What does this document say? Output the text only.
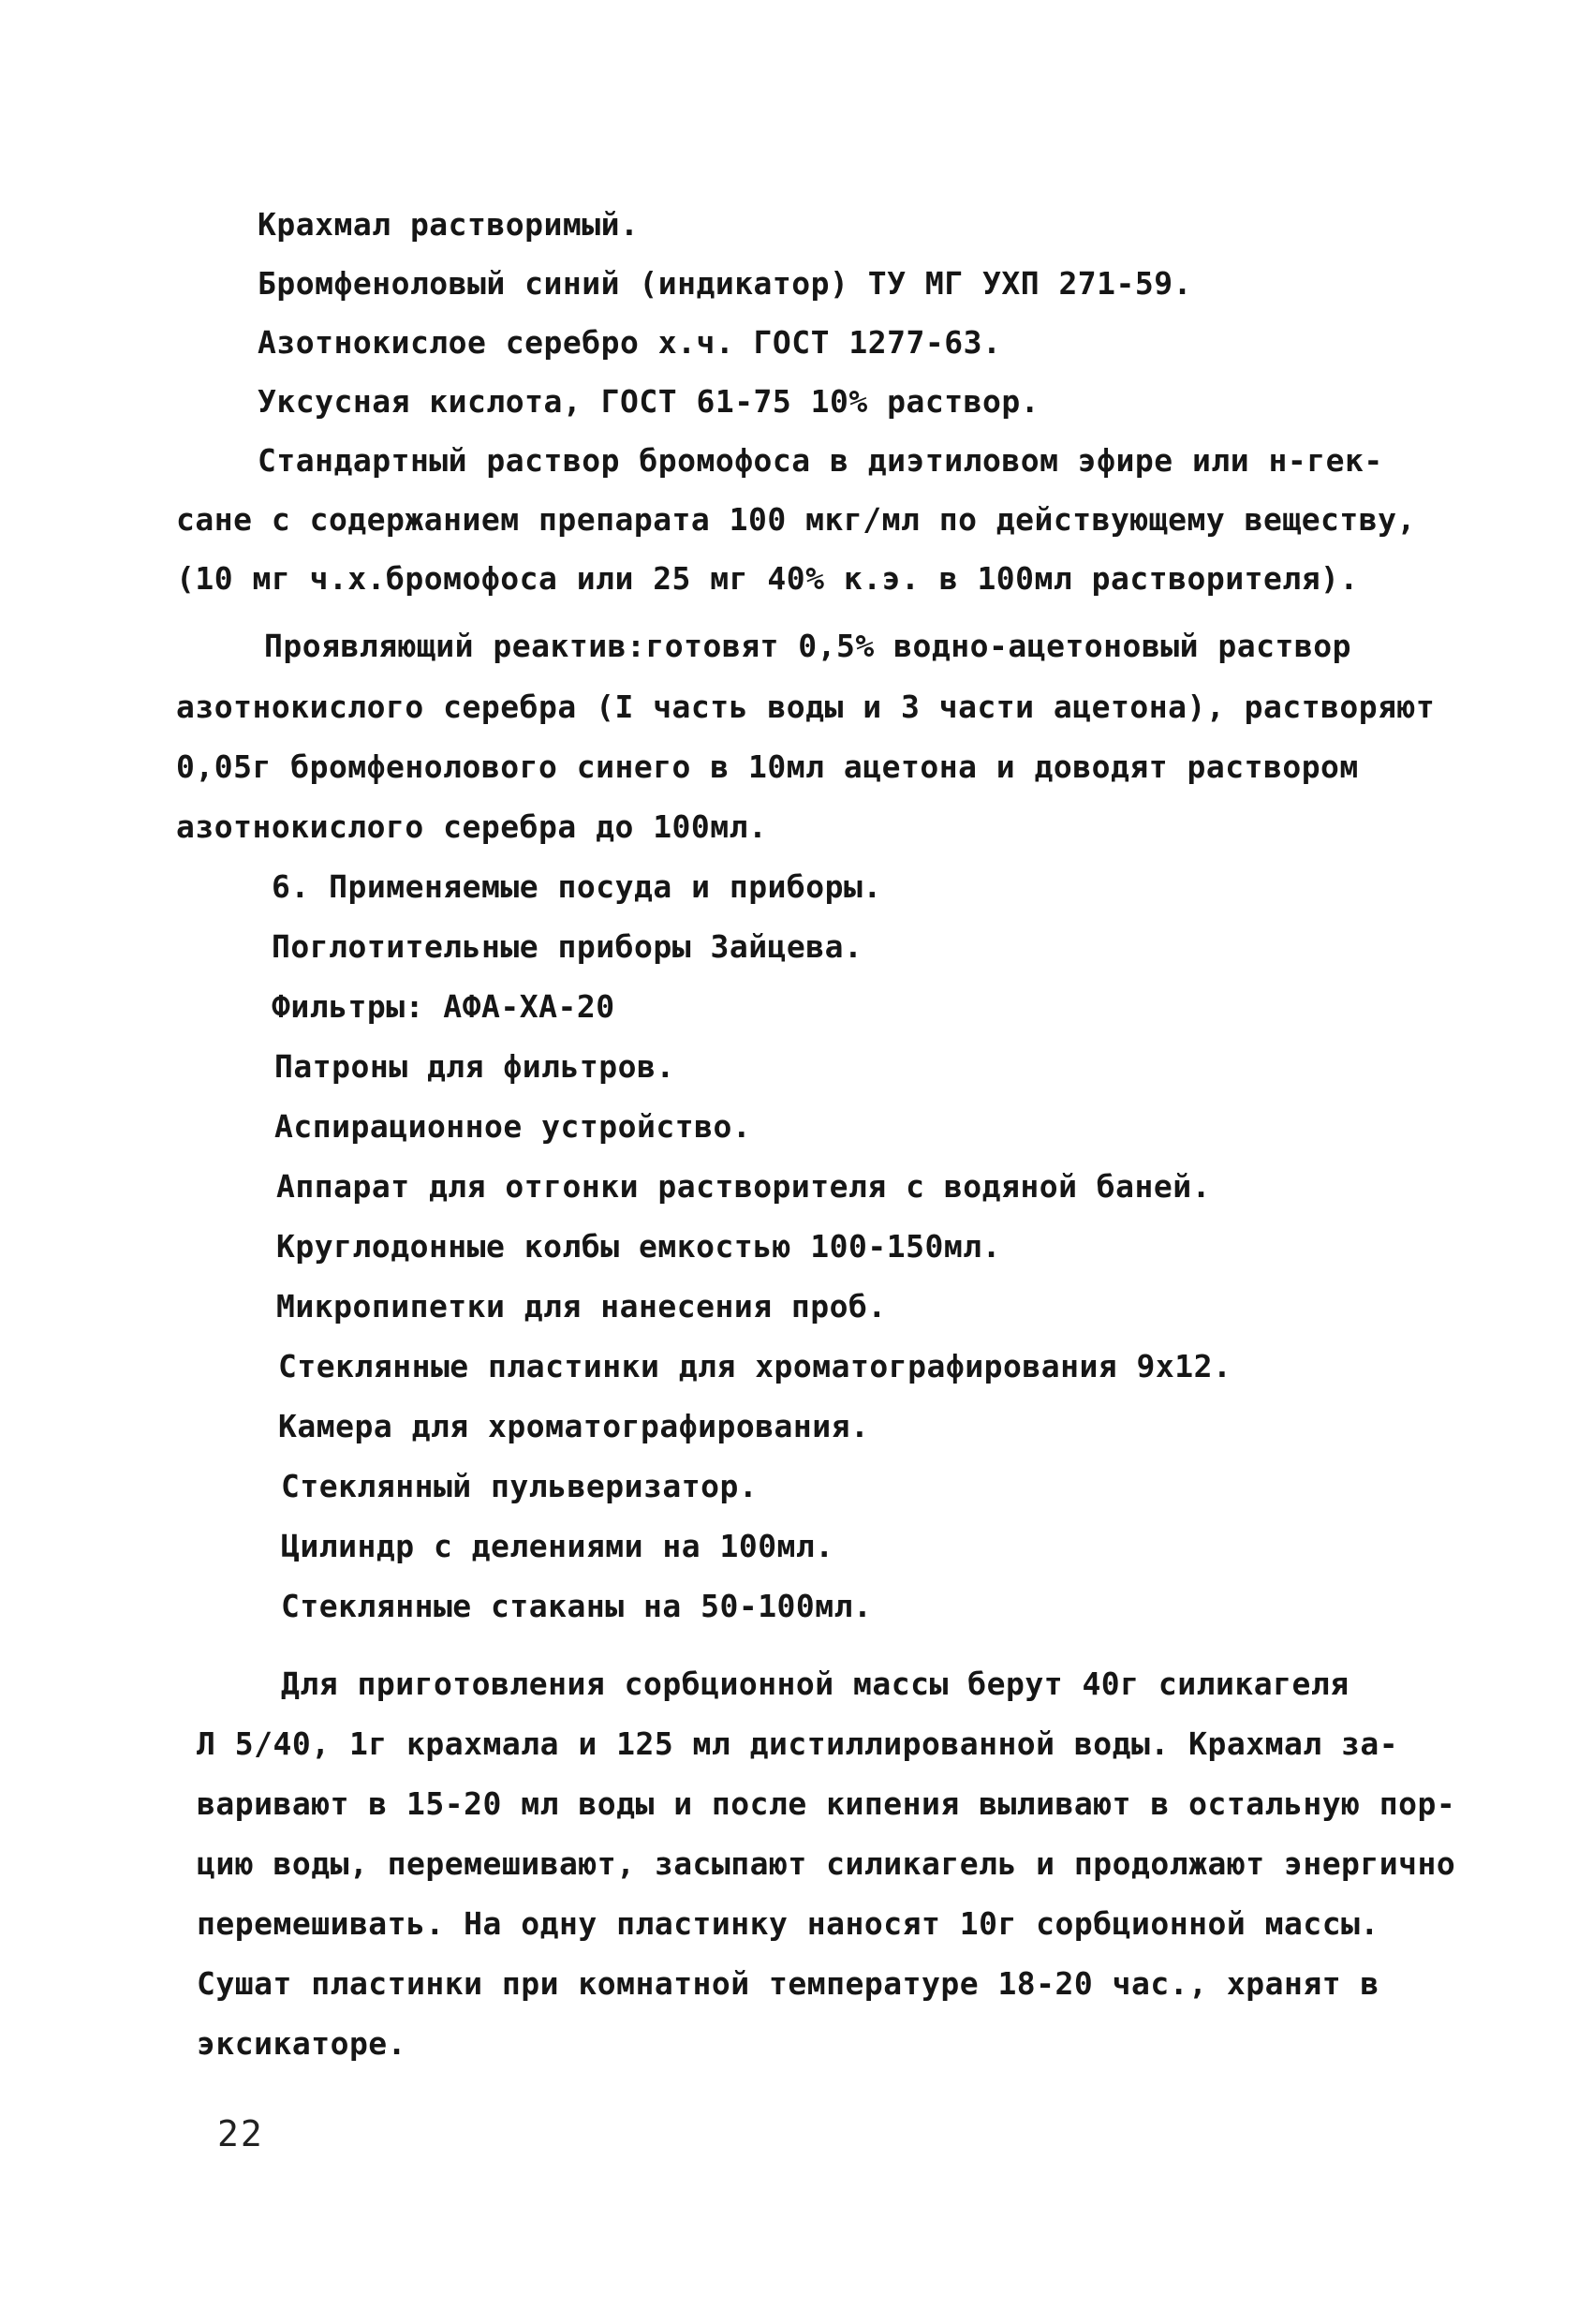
Крахмал растворимый.
Бромфеноловый синий (индикатор) ТУ МГ УХП 271-59.
Азотнокислое серебро х.ч. ГОСТ 1277-63.
Уксусная кислота, ГОСТ 61-75 10% раствор.
Стандартный раствор бромофоса в диэтиловом эфире или н-гек-
сане с содержанием препарата 100 мкг/мл по действующему веществу,
(10 мг ч.х.бромофоса или 25 мг 40% к.э. в 100мл растворителя).
Проявляющий реактив:готовят 0,5% водно-ацетоновый раствор
азотнокислого серебра (I часть воды и 3 части ацетона), растворяют
0,05г бромфенолового синего в 10мл ацетона и доводят раствором
азотнокислого серебра до 100мл.
6. Применяемые посуда и приборы.
Поглотительные приборы Зайцева.
Фильтры: АФА-ХА-20
Патроны для фильтров.
Аспирационное устройство.
Аппарат для отгонки растворителя с водяной баней.
Круглодонные колбы емкостью 100-150мл.
Микропипетки для нанесения проб.
Стеклянные пластинки для хроматографирования 9х12.
Камера для хроматографирования.
Стеклянный пульверизатор.
Цилиндр с делениями на 100мл.
Стеклянные стаканы на 50-100мл.
Для приготовления сорбционной массы берут 40г силикагеля
Л 5/40, 1г крахмала и 125 мл дистиллированной воды. Крахмал за-
варивают в 15-20 мл воды и после кипения выливают в остальную пор-
цию воды, перемешивают, засыпают силикагель и продолжают энергично
перемешивать. На одну пластинку наносят 10г сорбционной массы.
Сушат пластинки при комнатной температуре 18-20 час., хранят в
эксикаторе.
22
